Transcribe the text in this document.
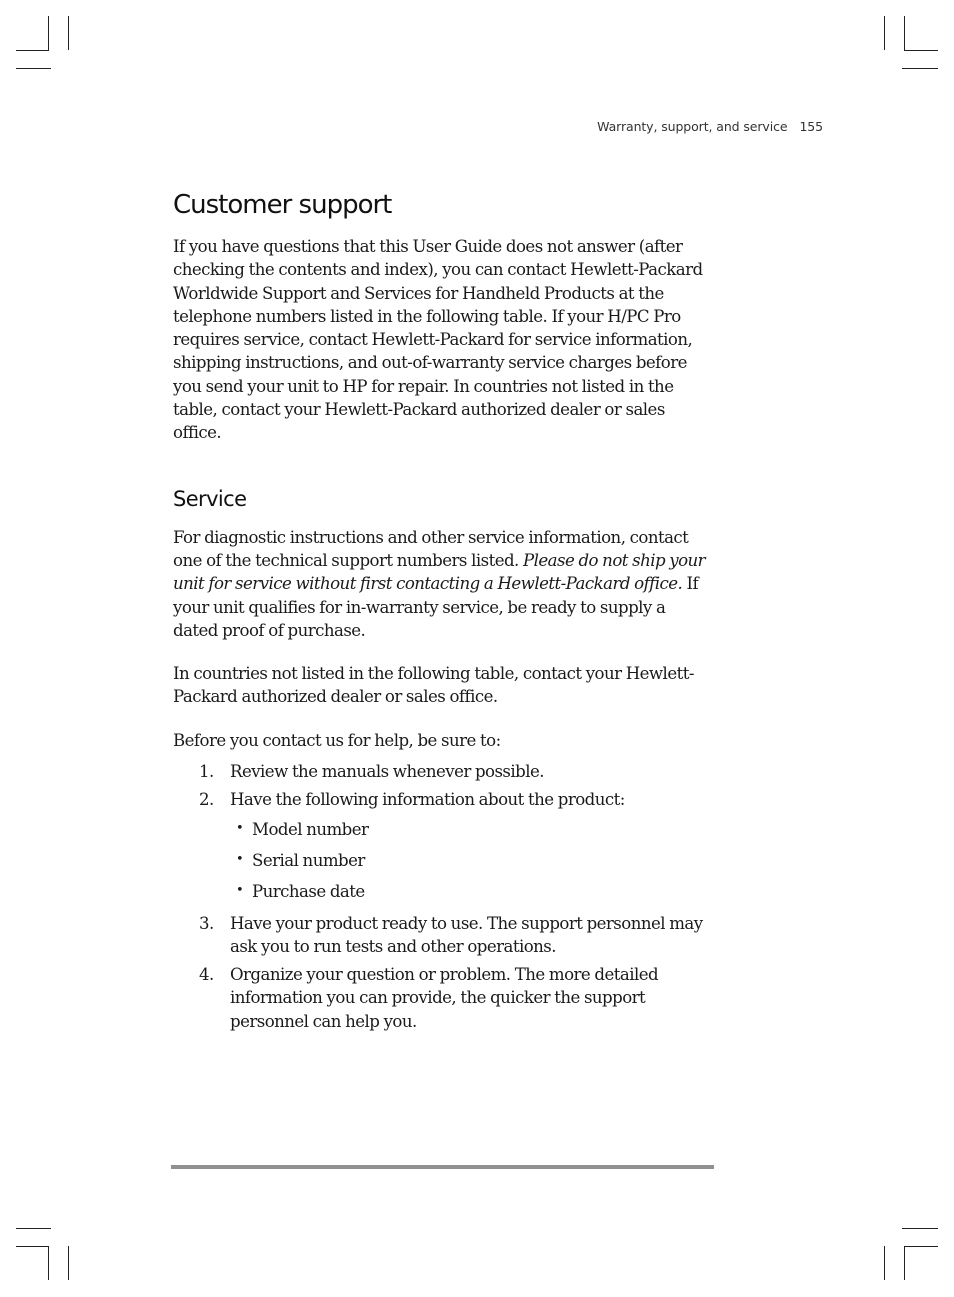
Warranty, support, and service 155
Customer support

If you have questions that this User Guide does not answer (after checking the contents and index), you can contact Hewlett-Packard Worldwide Support and Services for Handheld Products at the telephone numbers listed in the following table. If your H/PC Pro requires service, contact Hewlett-Packard for service information, shipping instructions, and out-of-warranty service charges before you send your unit to HP for repair. In countries not listed in the table, contact your Hewlett-Packard authorized dealer or sales office.

Service

For diagnostic instructions and other service information, contact one of the technical support numbers listed. Please do not ship your unit for service without first contacting a Hewlett-Packard office. If your unit qualifies for in-warranty service, be ready to supply a dated proof of purchase.

In countries not listed in the following table, contact your Hewlett-Packard authorized dealer or sales office.

Before you contact us for help, be sure to:

1. Review the manuals whenever possible.
2. Have the following information about the product:
• Model number
• Serial number
• Purchase date
3. Have your product ready to use. The support personnel may ask you to run tests and other operations.
4. Organize your question or problem. The more detailed information you can provide, the quicker the support personnel can help you.
